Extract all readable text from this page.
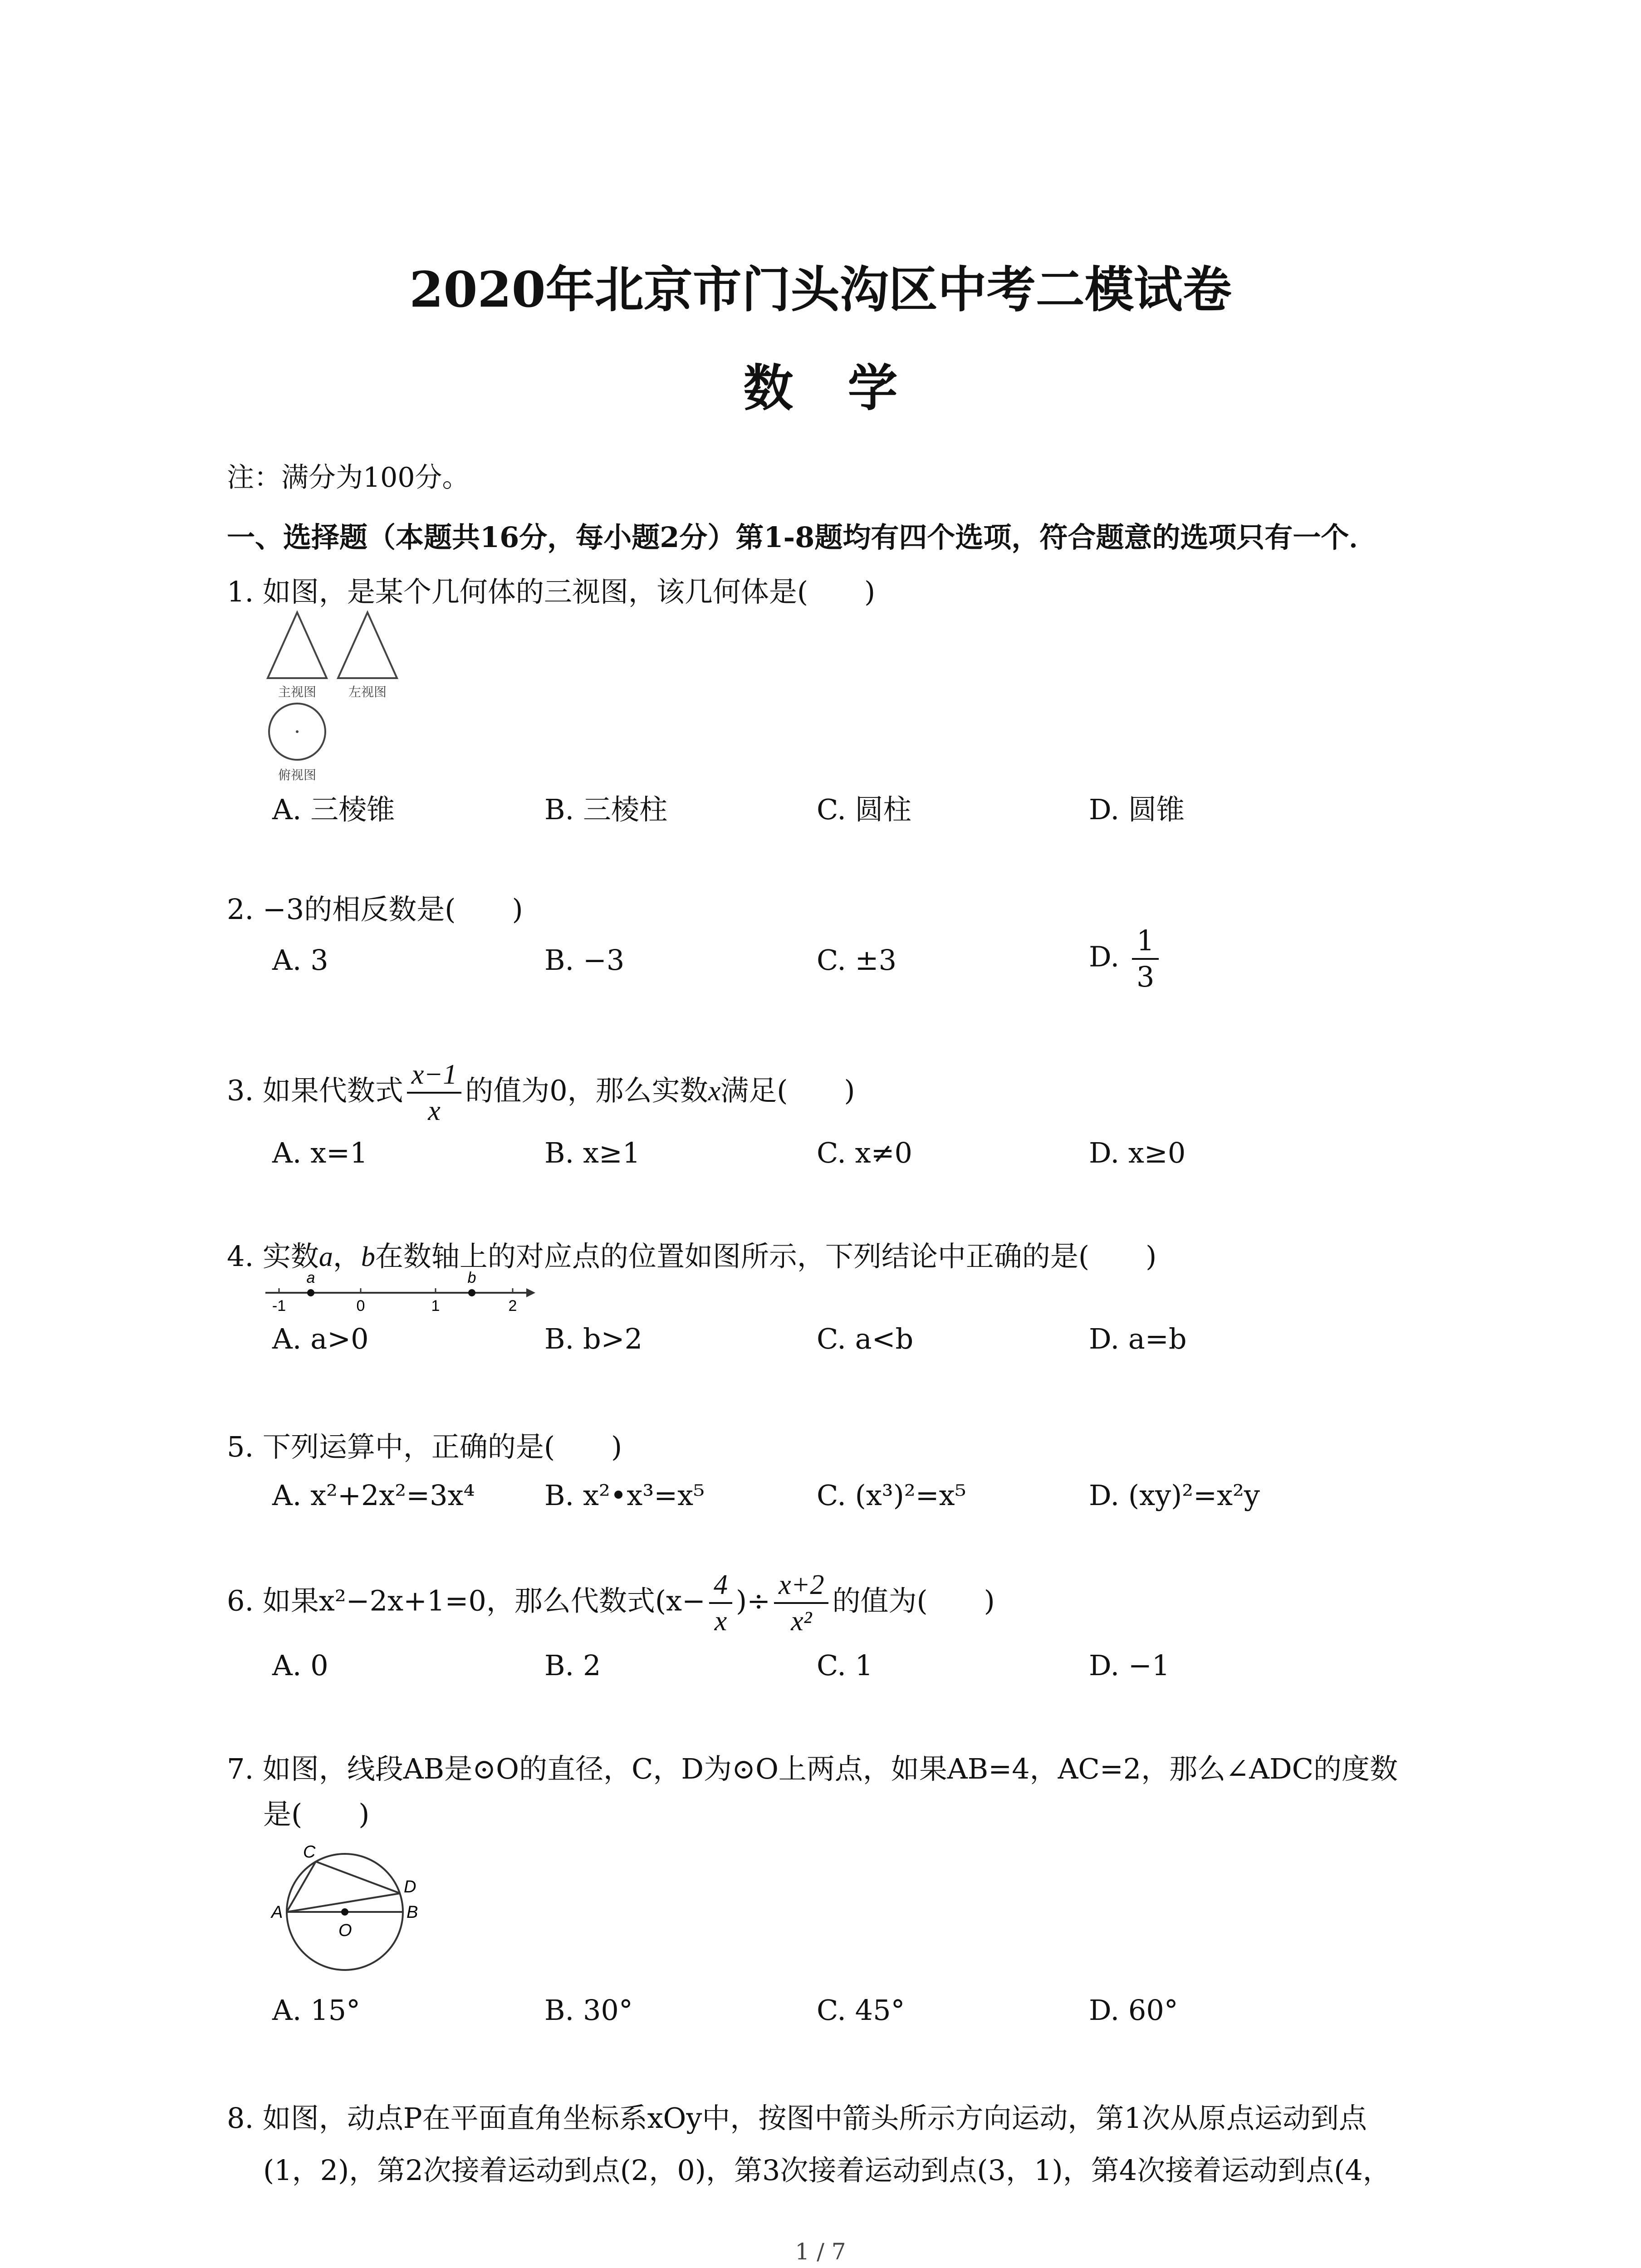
2020年北京市门头沟区中考二模试卷
数学
注：满分为100分。
一、选择题（本题共16分，每小题2分）第1-8题均有四个选项，符合题意的选项只有一个．
1. 如图，是某个几何体的三视图，该几何体是(　　)
主视图	左视图
俯视图
A. 三棱锥	B. 三棱柱	C. 圆柱	D. 圆锥
2. −3的相反数是(　　)
A. 3	B. −3	C. ±3	D. $\frac{1}{3}$
3. 如果代数式 $\frac{x-1}{x}$ 的值为0，那么实数x满足(　　)
A. x=1	B. x≥1	C. x≠0	D. x≥0
4. 实数a，b在数轴上的对应点的位置如图所示，下列结论中正确的是(　　)
a	b
-1	0	1	2
A. a>0	B. b>2	C. a<b	D. a=b
5. 下列运算中，正确的是(　　)
A. x²+2x²=3x⁴ B. x²•x³=x⁵	C. (x³)²=x⁵	D. (xy)²=x²y
6. 如果x²−2x+1=0，那么代数式($x- \frac{4}{x}$ )÷ $\frac{x+2}{\text{x²}}$ 的值为(　　)
A. 0	B. 2	C. 1	D. −1
7. 如图，线段AB是⊙O的直径，C，D为⊙O上两点，如果AB=4，AC=2，那么∠ADC的度数
是(　　)
A	B
C
D
O
A. 15°	B. 30°	C. 45°	D. 60°
8. 如图，动点P在平面直角坐标系xOy中，按图中箭头所示方向运动，第1次从原点运动到点
(1，2)，第2次接着运动到点(2，0)，第3次接着运动到点(3，1)，第4次接着运动到点(4，
1 / 7
